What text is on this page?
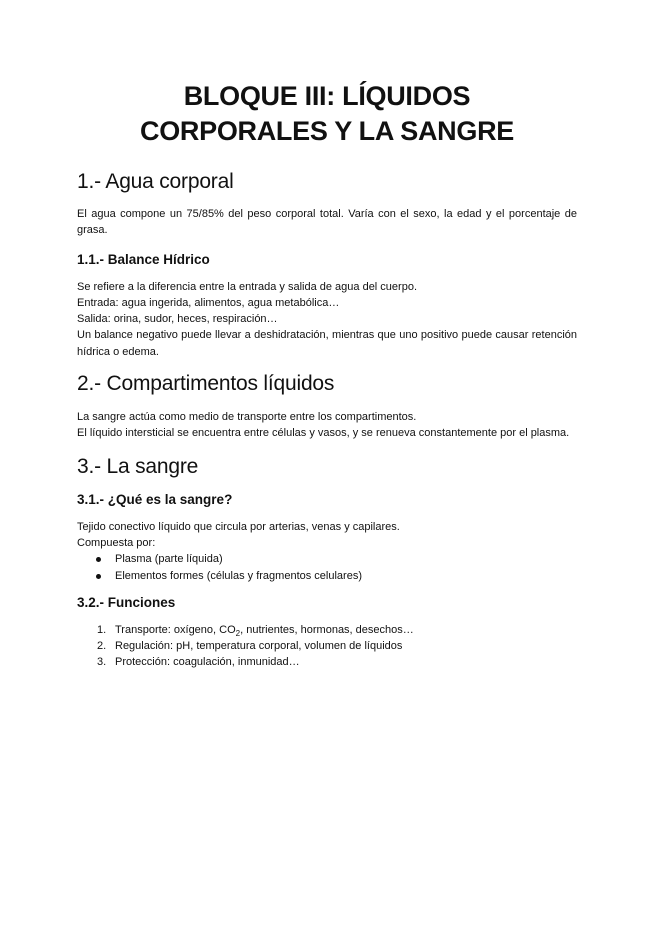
BLOQUE III: LÍQUIDOS
CORPORALES Y LA SANGRE
1.- Agua corporal

El agua compone un 75/85% del peso corporal total. Varía con el sexo, la edad y el porcentaje de grasa.

1.1.- Balance Hídrico

Se refiere a la diferencia entre la entrada y salida de agua del cuerpo.

Entrada: agua ingerida, alimentos, agua metabólica…

Salida: orina, sudor, heces, respiración…

Un balance negativo puede llevar a deshidratación, mientras que uno positivo puede causar retención hídrica o edema.

2.- Compartimentos líquidos

La sangre actúa como medio de transporte entre los compartimentos.

El líquido intersticial se encuentra entre células y vasos, y se renueva constantemente por el plasma.

3.- La sangre
3.1.- ¿Qué es la sangre?

Tejido conectivo líquido que circula por arterias, venas y capilares.

Compuesta por:

Plasma (parte líquida)
Elementos formes (células y fragmentos celulares)
3.2.- Funciones
1. Transporte: oxígeno, $CO_2$, nutrientes, hormonas, desechos…
2. Regulación: pH, temperatura corporal, volumen de líquidos
3. Protección: coagulación, inmunidad…
